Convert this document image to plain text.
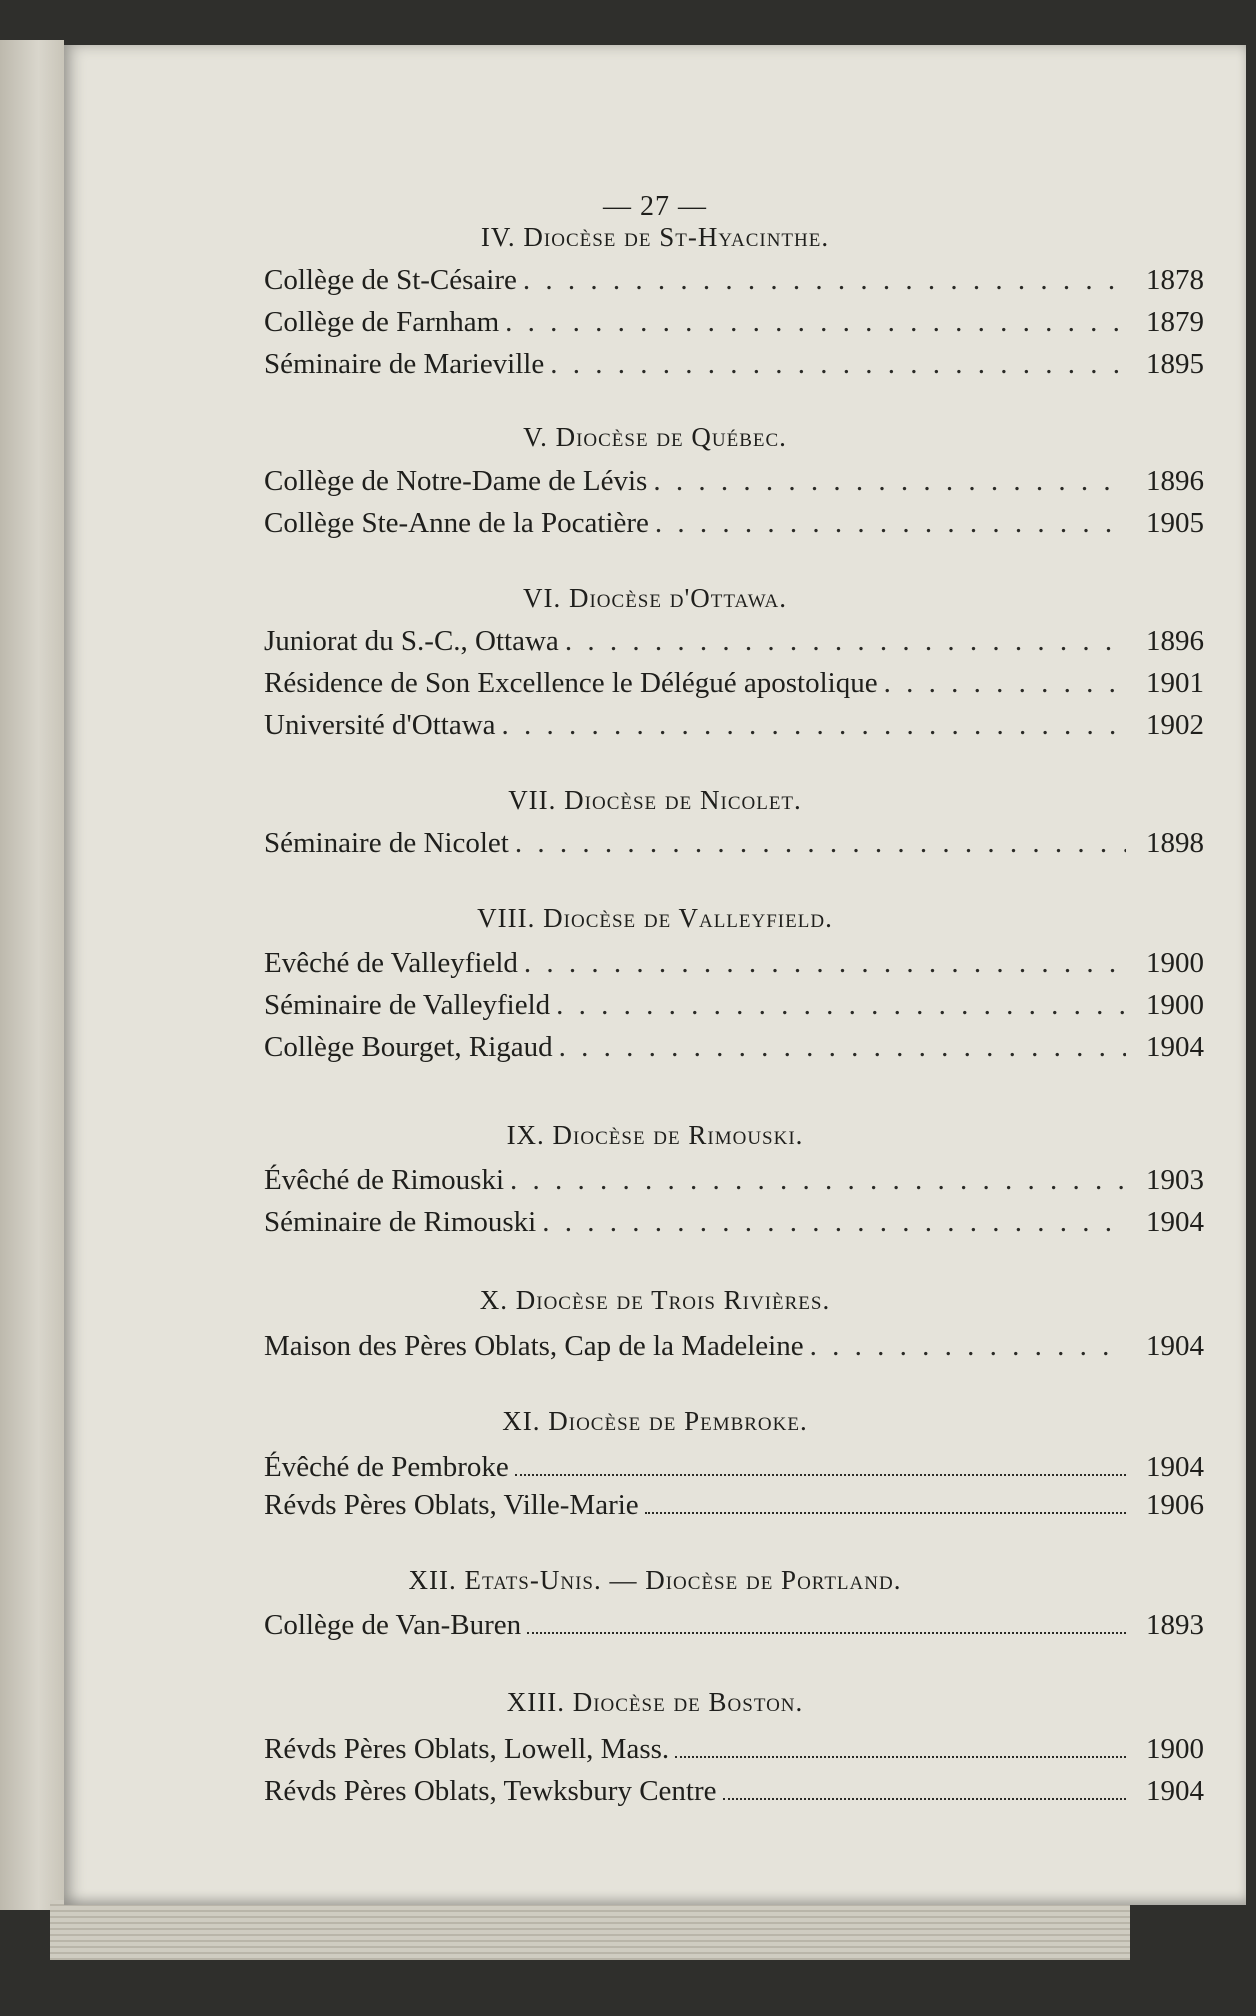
— 27 —
IV. Diocèse de St-Hyacinthe.
Collège de St-Césaire . . .	1878
Collège de Farnham . . .	1879
Séminaire de Marieville . . .	1895
V. Diocèse de Québec.
Collège de Notre-Dame de Lévis . . .	1896
Collège Ste-Anne de la Pocatière . . .	1905
VI. Diocèse d'Ottawa.
Juniorat du S.-C., Ottawa . . .	1896
Résidence de Son Excellence le Délégué apostolique . . .	1901
Université d'Ottawa . . .	1902
VII. Diocèse de Nicolet.
Séminaire de Nicolet . . .	1898
VIII. Diocèse de Valleyfield.
Evêché de Valleyfield . . .	1900
Séminaire de Valleyfield . . .	1900
Collège Bourget, Rigaud . . .	1904
IX. Diocèse de Rimouski.
Évêché de Rimouski . . .	1903
Séminaire de Rimouski . . .	1904
X. Diocèse de Trois Rivières.
Maison des Pères Oblats, Cap de la Madeleine . . .	1904
XI. Diocèse de Pembroke.
Évêché de Pembroke	1904
Révds Pères Oblats, Ville-Marie	1906
XII. Etats-Unis. — Diocèse de Portland.
Collège de Van-Buren	1893
XIII. Diocèse de Boston.
Révds Pères Oblats, Lowell, Mass.	1900
Révds Pères Oblats, Tewksbury Centre	1904
